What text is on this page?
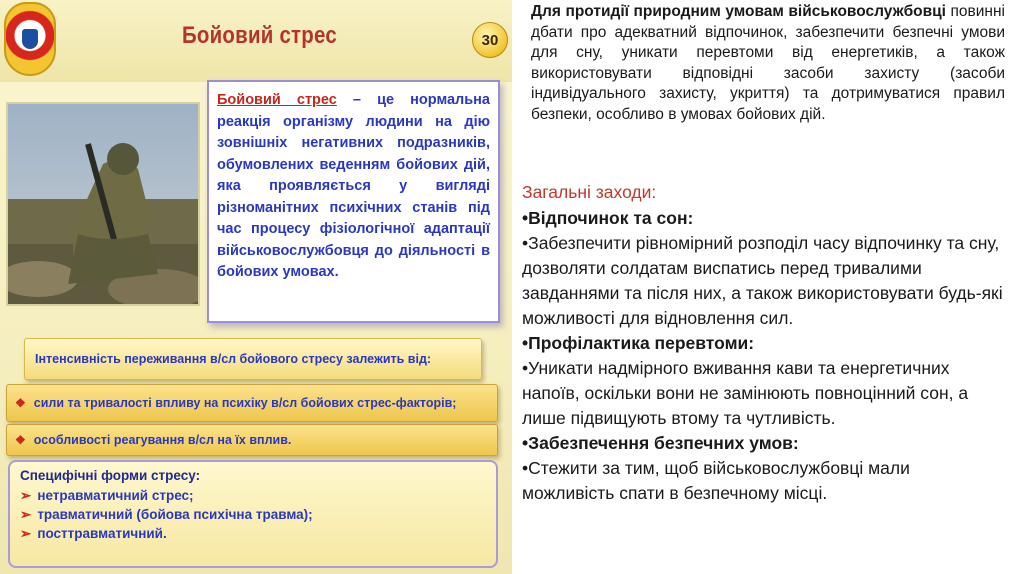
Бойовий стрес	30
Бойовий стрес – це нормальна реакція організму людини на дію зовнішніх негативних подразників, обумовлених веденням бойових дій, яка проявляється у вигляді різноманітних психічних станів під час процесу фізіологічної адаптації військовослужбовця до діяльності в бойових умовах.
Інтенсивність переживання в/сл бойового стресу залежить від:
❖ сили та тривалості впливу на психіку в/сл бойових стрес-факторів;
❖ особливості реагування в/сл на їх вплив.
Специфічні форми стресу:
➢ нетравматичний стрес;
➢ травматичний (бойова психічна травма);
➢ посттравматичний.
Для протидії природним умовам військовослужбовці повинні дбати про адекватний відпочинок, забезпечити безпечні умови для сну, уникати перевтоми від енергетиків, а також використовувати відповідні засоби захисту (засоби індивідуального захисту, укриття) та дотримуватися правил безпеки, особливо в умовах бойових дій.
Загальні заходи:
•Відпочинок та сон:
•Забезпечити рівномірний розподіл часу відпочинку та сну, дозволяти солдатам виспатись перед тривалими завданнями та після них, а також використовувати будь-які можливості для відновлення сил.
•Профілактика перевтоми:
•Уникати надмірного вживання кави та енергетичних напоїв, оскільки вони не замінюють повноцінний сон, а лише підвищують втому та чутливість.
•Забезпечення безпечних умов:
•Стежити за тим, щоб військовослужбовці мали можливість спати в безпечному місці.
